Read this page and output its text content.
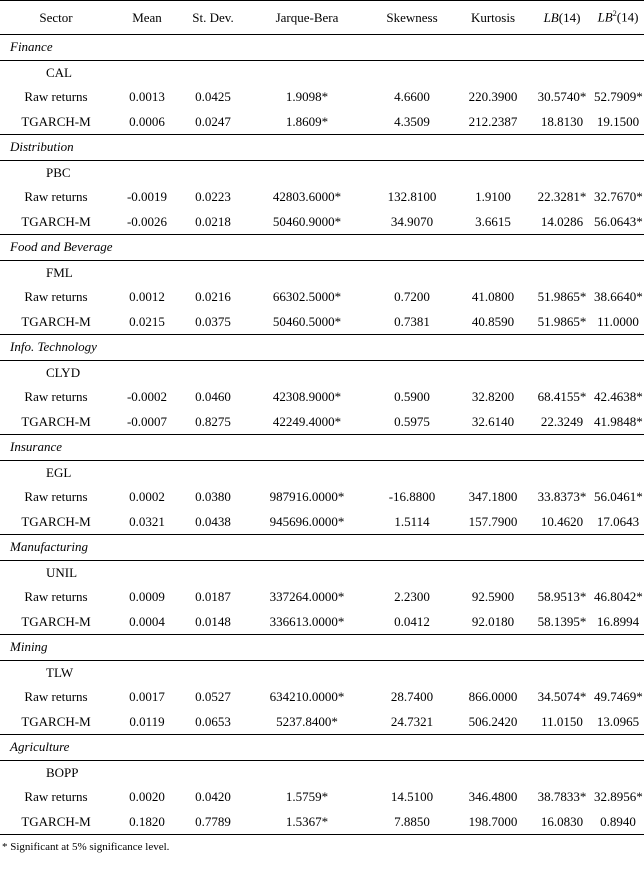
Sector	Mean	St. Dev.	Jarque-Bera	Skewness	Kurtosis	LB(14)	$LB^2(14)$
Finance							
CAL							
Raw returns	0.0013	0.0425	1.9098*	4.6600	220.3900	30.5740*	52.7909*
TGARCH-M	0.0006	0.0247	1.8609*	4.3509	212.2387	18.8130	19.1500
Distribution							
PBC							
Raw returns	-0.0019	0.0223	42803.6000*	132.8100	1.9100	22.3281*	32.7670*
TGARCH-M	-0.0026	0.0218	50460.9000*	34.9070	3.6615	14.0286	56.0643*
Food and Beverage							
FML							
Raw returns	0.0012	0.0216	66302.5000*	0.7200	41.0800	51.9865*	38.6640*
TGARCH-M	0.0215	0.0375	50460.5000*	0.7381	40.8590	51.9865*	11.0000
Info. Technology							
CLYD							
Raw returns	-0.0002	0.0460	42308.9000*	0.5900	32.8200	68.4155*	42.4638*
TGARCH-M	-0.0007	0.8275	42249.4000*	0.5975	32.6140	22.3249	41.9848*
Insurance							
EGL							
Raw returns	0.0002	0.0380	987916.0000*	-16.8800	347.1800	33.8373*	56.0461*
TGARCH-M	0.0321	0.0438	945696.0000*	1.5114	157.7900	10.4620	17.0643
Manufacturing							
UNIL							
Raw returns	0.0009	0.0187	337264.0000*	2.2300	92.5900	58.9513*	46.8042*
TGARCH-M	0.0004	0.0148	336613.0000*	0.0412	92.0180	58.1395*	16.8994
Mining							
TLW							
Raw returns	0.0017	0.0527	634210.0000*	28.7400	866.0000	34.5074*	49.7469*
TGARCH-M	0.0119	0.0653	5237.8400*	24.7321	506.2420	11.0150	13.0965
Agriculture							
BOPP							
Raw returns	0.0020	0.0420	1.5759*	14.5100	346.4800	38.7833*	32.8956*
TGARCH-M	0.1820	0.7789	1.5367*	7.8850	198.7000	16.0830	0.8940
* Significant at 5% significance level.
